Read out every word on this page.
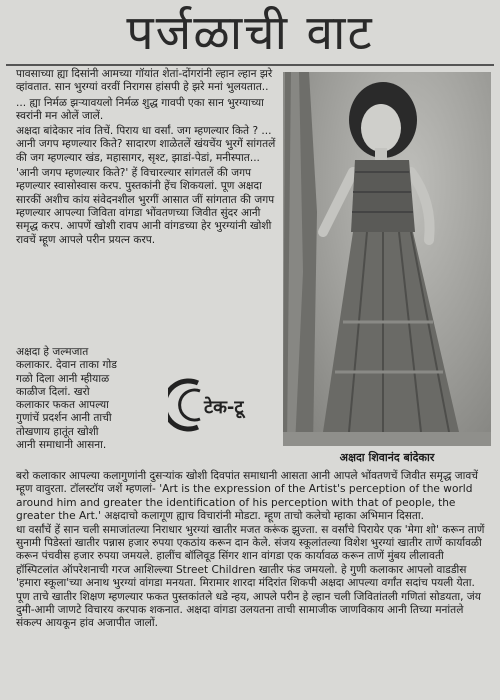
पर्जळाची वाट

पावसाच्या ह्या दिसांनी आमच्या गॉयांत शेतां-दोंगरांनी ल्हान ल्हान झरे व्हांवतात. सान भुरग्यां वरवीं निरागस हांसपी हे झरे मनां भुलयतात..

... ह्या निर्मळ झऱ्यावयलो निर्मळ शुद्ध गावपी एका सान भुरग्याच्या स्वरांनी मन ओलें जालें.

अक्षदा बांदेकार नांव तिचें. पिराय धा वर्सां. जग म्हणल्यार किते ? ... आनी जगप म्हणल्यार किते? सादारण शाळेतलें खंयचेंय भुरगें सांगतलें की जग म्हणल्यार खंड, महासागर, सृश्ट, झाडां-पेडां, मनीस्पात...

'आनी जगप म्हणल्यार किते?' हें विचारल्यार सांगतलें की जगप म्हणल्यार स्वासोस्वास करप. पुस्तकांनी हेंच शिकयलां. पूण अक्षदा सारकीं अशीच कांय संवेदनशील भुरगीं आसात जीं सांगतात की जगप म्हणल्यार आपल्या जिविता वांगडा भोंवतणच्या जिवीत सुंदर आनी समृद्ध करप. आपणें खोशी रावप आनी वांगडच्या हेर भुरग्यांनी खोशी रावचें म्हूण आपले परीन प्रयत्न करप.

अक्षदा हे जल्मजात
कलाकार. देवान ताका गोड
गळो दिला आनी म्हीयाळ
काळीज दिलां. खरो
कलाकार फकत आपल्या
गुणांचें प्रदर्शन आनी ताची
तोखणाय हातूंत खोशी
आनी समाधानी आसना.
टेक-टू
अक्षदा शिवानंद बांदेकार

बरो कलाकार आपल्या कलागुणांनी दुसऱ्यांक खोशी दिवपांत समाधानी आसता आनी आपले भोंवतणचें जिवीत समृद्ध जावचें म्हूण वावुरता. टॉलस्टॉय जशें म्हणलां- 'Art is the expression of the Artist's perception of the world around him and greater the identification of his perception with that of people, the greater the Art.' अक्षदाचो कलागूण ह्याच विचारांनी मोडटा. म्हूण ताचो कलेचो म्हाका अभिमान दिसता.

धा वर्सांचें हें सान चली समाजांतल्या निराधार भुरग्यां खातीर मजत करूंक झुज्ता. स वर्सांचे पिरायेर एक 'मेगा शो' करून ताणें सुनामी पिडेस्तां खातीर पन्नास हजार रुपया एकठांय करून दान केले. संजय स्कूलांतल्या विशेश भुरग्यां खातीर ताणें कार्यावळी करून पंचवीस हजार रुपया जमयले. हालींच बॉलिवूड सिंगर शान वांगडा एक कार्यावळ करून ताणें मुंबय लीलावती हॉस्पिटलांत ऑपरेशनाची गरज आशिल्ल्या Street Children खातीर फंड जमयलो. हे गुणी कलाकार आपलो वाडडीस 'हमारा स्कूला'च्या अनाथ भुरग्यां वांगडा मनयता. मिरामार शारदा मंदिरांत शिकपी अक्षदा आपल्या वर्गांत सदांच पयली येता. पूण ताचे खातीर शिक्षण म्हणल्यार फकत पुस्तकांतले धडे न्हय, आपले परीन हे ल्हान चली जिवितांतली गणितां सोडयता, जंय दुमी-आमी जाणटे विचारय करपाक शकनात. अक्षदा वांगडा उलयतना ताची सामाजीक जाणविकाय आनी तिच्या मनांतले संकल्प आयकून हांव अजापीत जालों.
